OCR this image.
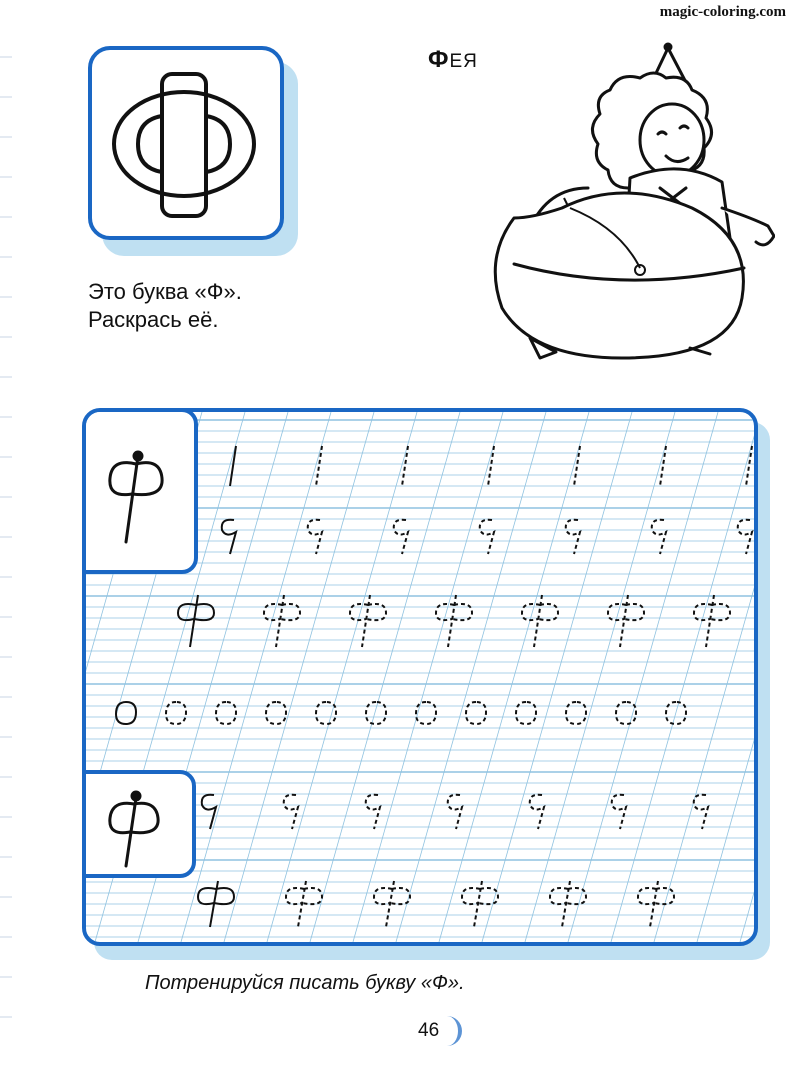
magic-coloring.com
ФЕЯ
Это буква «Ф».
Раскрась её.
Потренируйся писать букву «Ф».
46
